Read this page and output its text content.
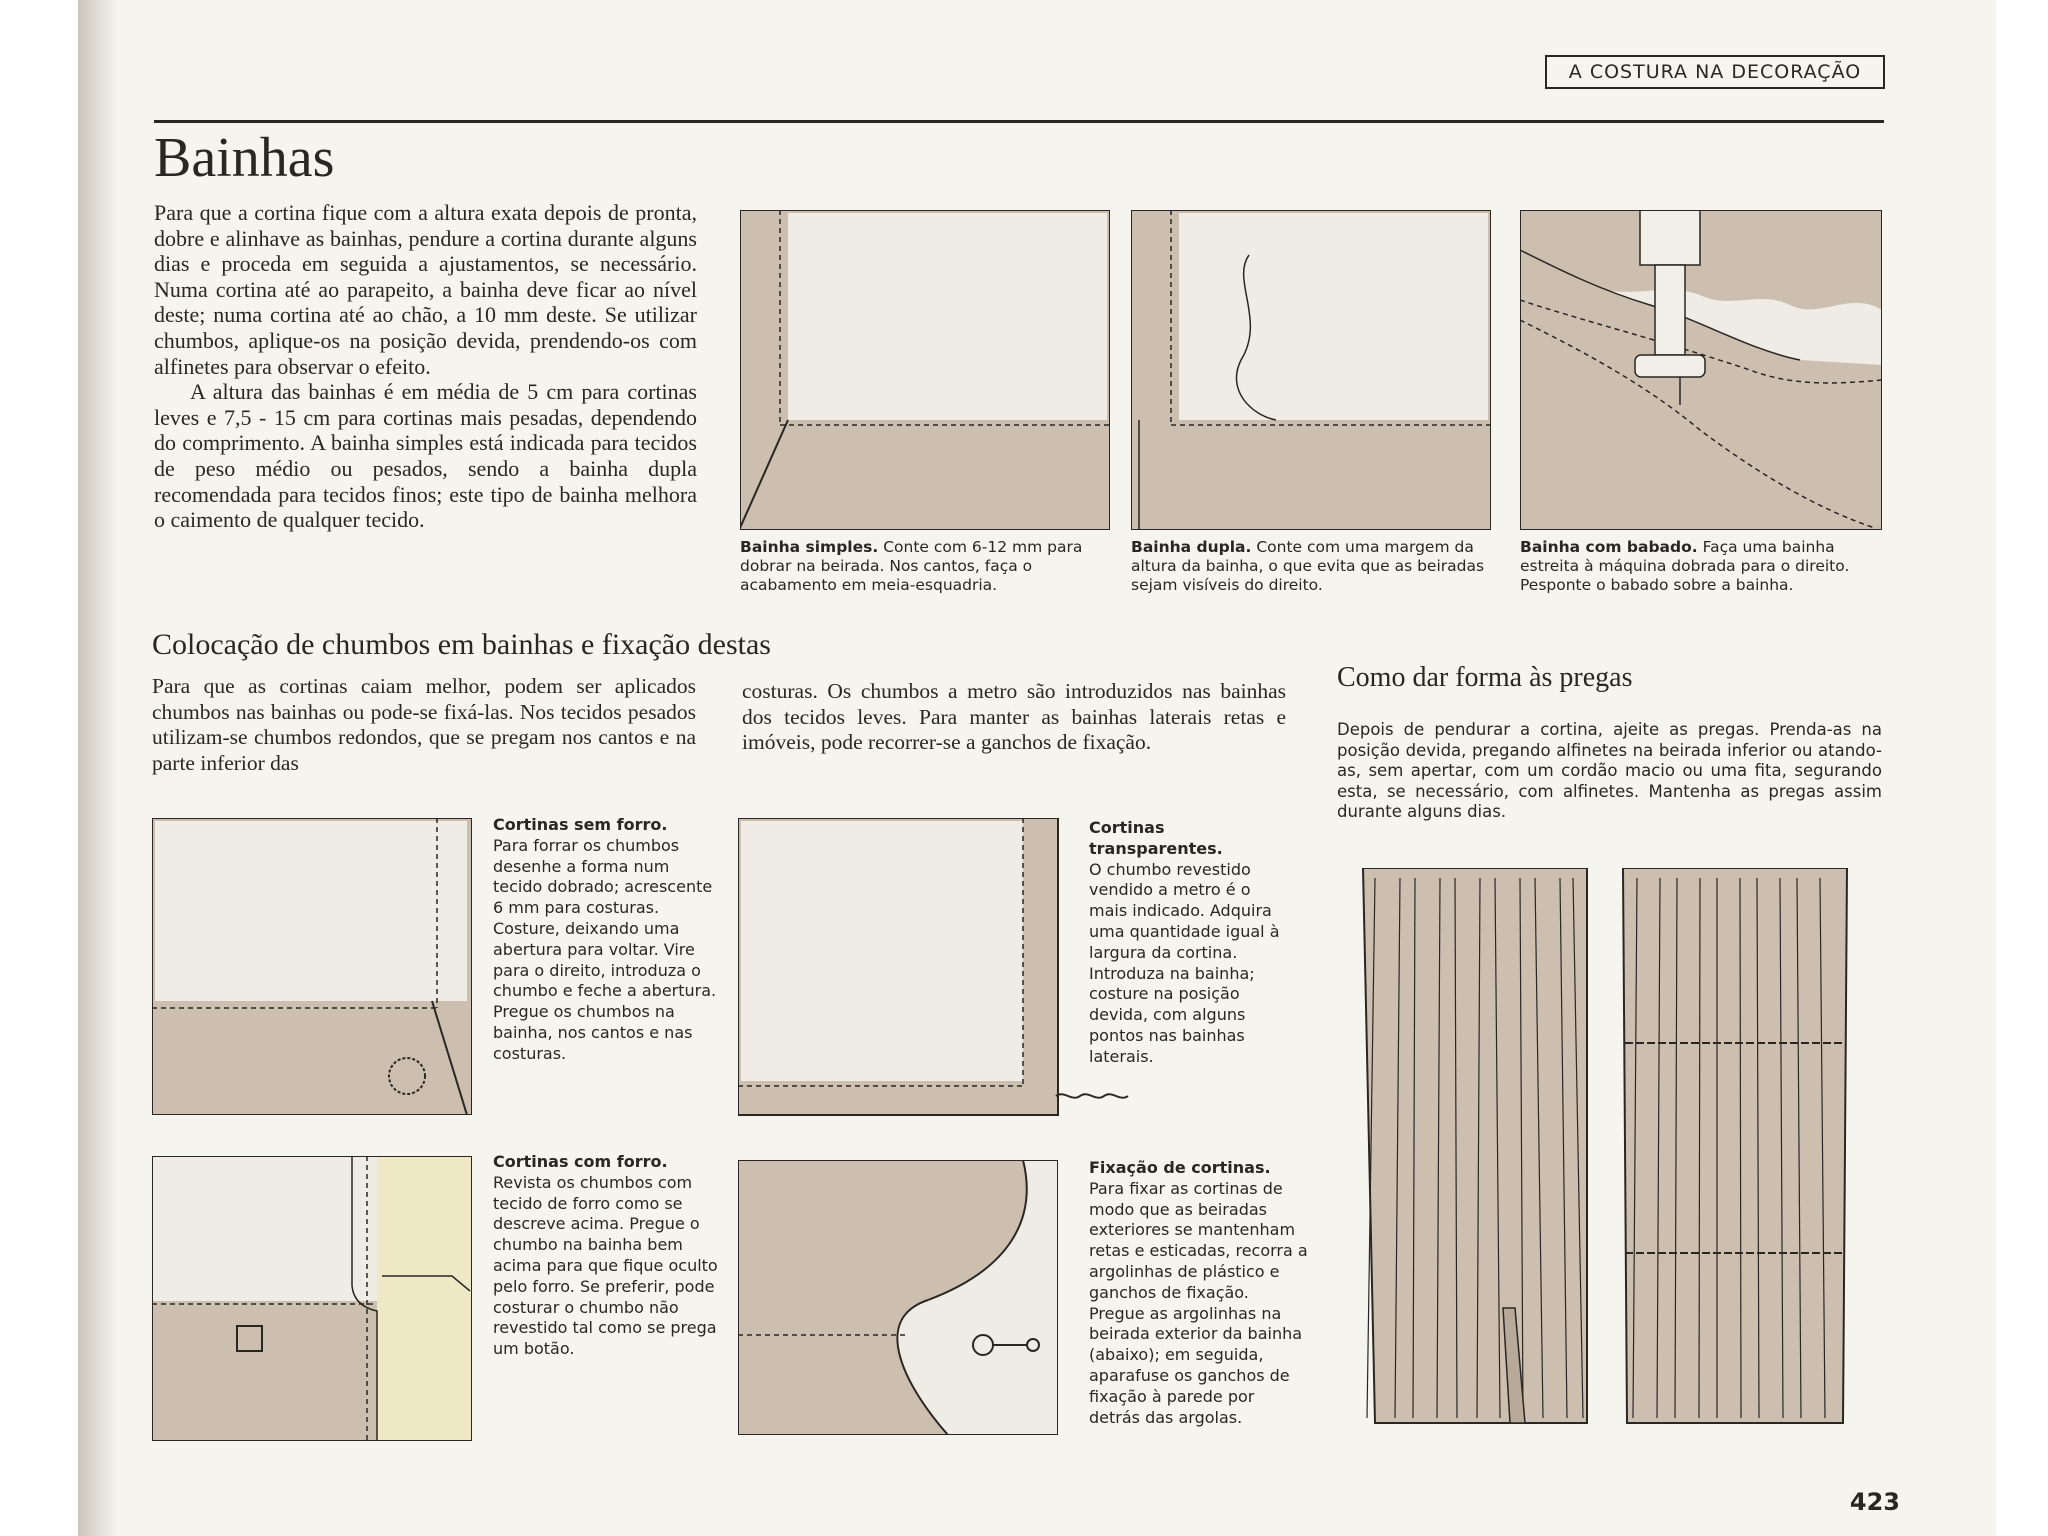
A COSTURA NA DECORAÇÃO
Bainhas

Para que a cortina fique com a altura exata depois de pronta, dobre e alinhave as bainhas, pendure a cortina durante alguns dias e proceda em seguida a ajustamentos, se necessário. Numa cortina até ao parapeito, a bainha deve ficar ao nível deste; numa cortina até ao chão, a 10 mm deste. Se utilizar chumbos, aplique-os na posição devida, prendendo-os com alfinetes para observar o efeito.

A altura das bainhas é em média de 5 cm para cortinas leves e 7,5 - 15 cm para cortinas mais pesadas, dependendo do comprimento. A bainha simples está indicada para tecidos de peso médio ou pesados, sendo a bainha dupla recomendada para tecidos finos; este tipo de bainha melhora o caimento de qualquer tecido.

Bainha simples. Conte com 6-12 mm para dobrar na beirada. Nos cantos, faça o acabamento em meia-esquadria.
Bainha dupla. Conte com uma margem da altura da bainha, o que evita que as beiradas sejam visíveis do direito.
Bainha com babado. Faça uma bainha estreita à máquina dobrada para o direito. Pesponte o babado sobre a bainha.
Colocação de chumbos em bainhas e fixação destas
Para que as cortinas caiam melhor, podem ser aplicados chumbos nas bainhas ou pode-se fixá-las. Nos tecidos pesados utilizam-se chumbos redondos, que se pregam nos cantos e na parte inferior das
costuras. Os chumbos a metro são introduzidos nas bainhas dos tecidos leves. Para manter as bainhas laterais retas e imóveis, pode recorrer-se a ganchos de fixação.
Cortinas sem forro.
Para forrar os chumbos desenhe a forma num tecido dobrado; acrescente 6 mm para costuras. Costure, deixando uma abertura para voltar. Vire para o direito, introduza o chumbo e feche a abertura. Pregue os chumbos na bainha, nos cantos e nas costuras.
Cortinas transparentes.
O chumbo revestido vendido a metro é o mais indicado. Adquira uma quantidade igual à largura da cortina. Introduza na bainha; costure na posição devida, com alguns pontos nas bainhas laterais.
Cortinas com forro.
Revista os chumbos com tecido de forro como se descreve acima. Pregue o chumbo na bainha bem acima para que fique oculto pelo forro. Se preferir, pode costurar o chumbo não revestido tal como se prega um botão.
Fixação de cortinas.
Para fixar as cortinas de modo que as beiradas exteriores se mantenham retas e esticadas, recorra a argolinhas de plástico e ganchos de fixação. Pregue as argolinhas na beirada exterior da bainha (abaixo); em seguida, aparafuse os ganchos de fixação à parede por detrás das argolas.
Como dar forma às pregas
Depois de pendurar a cortina, ajeite as pregas. Prenda-as na posição devida, pregando alfinetes na beirada inferior ou atando-as, sem apertar, com um cordão macio ou uma fita, segurando esta, se necessário, com alfinetes. Mantenha as pregas assim durante alguns dias.
423
